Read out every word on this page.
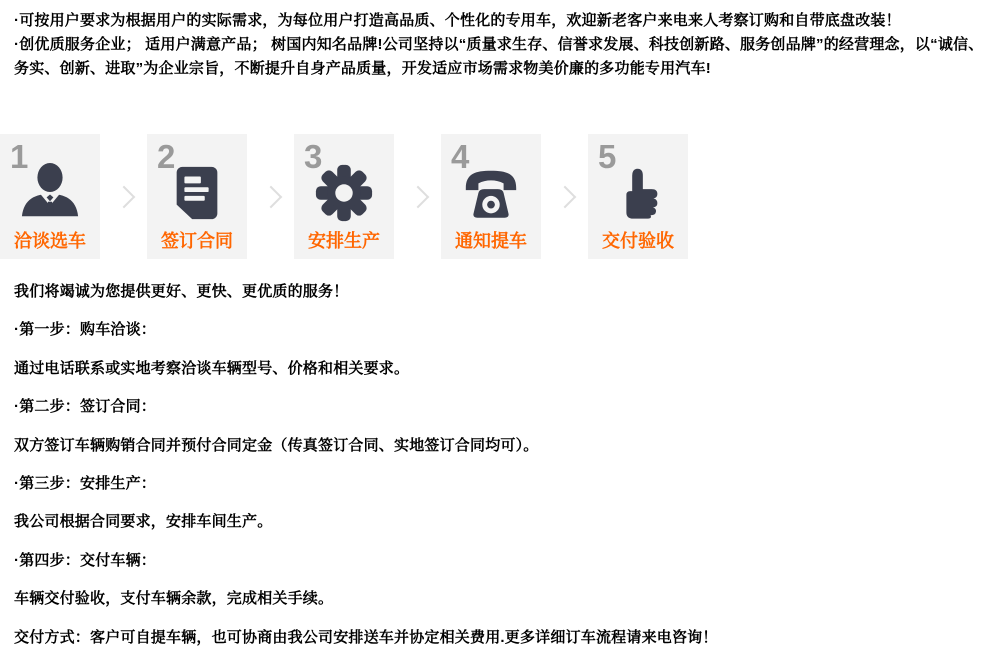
·可按用户要求为根据用户的实际需求，为每位用户打造高品质、个性化的专用车，欢迎新老客户来电来人考察订购和自带底盘改装！

·创优质服务企业； 适用户满意产品； 树国内知名品牌!公司坚持以“质量求生存、信誉求发展、科技创新路、服务创品牌”的经营理念，以“诚信、务实、创新、进取”为企业宗旨，不断提升自身产品质量，开发适应市场需求物美价廉的多功能专用汽车!

1
洽谈选车
2
签订合同
3
安排生产
4
通知提车
5
交付验收

我们将竭诚为您提供更好、更快、更优质的服务！

·第一步：购车洽谈：

通过电话联系或实地考察洽谈车辆型号、价格和相关要求。

·第二步：签订合同：

双方签订车辆购销合同并预付合同定金（传真签订合同、实地签订合同均可）。

·第三步：安排生产：

我公司根据合同要求，安排车间生产。

·第四步：交付车辆：

车辆交付验收，支付车辆余款，完成相关手续。

交付方式：客户可自提车辆，也可协商由我公司安排送车并协定相关费用.更多详细订车流程请来电咨询！
